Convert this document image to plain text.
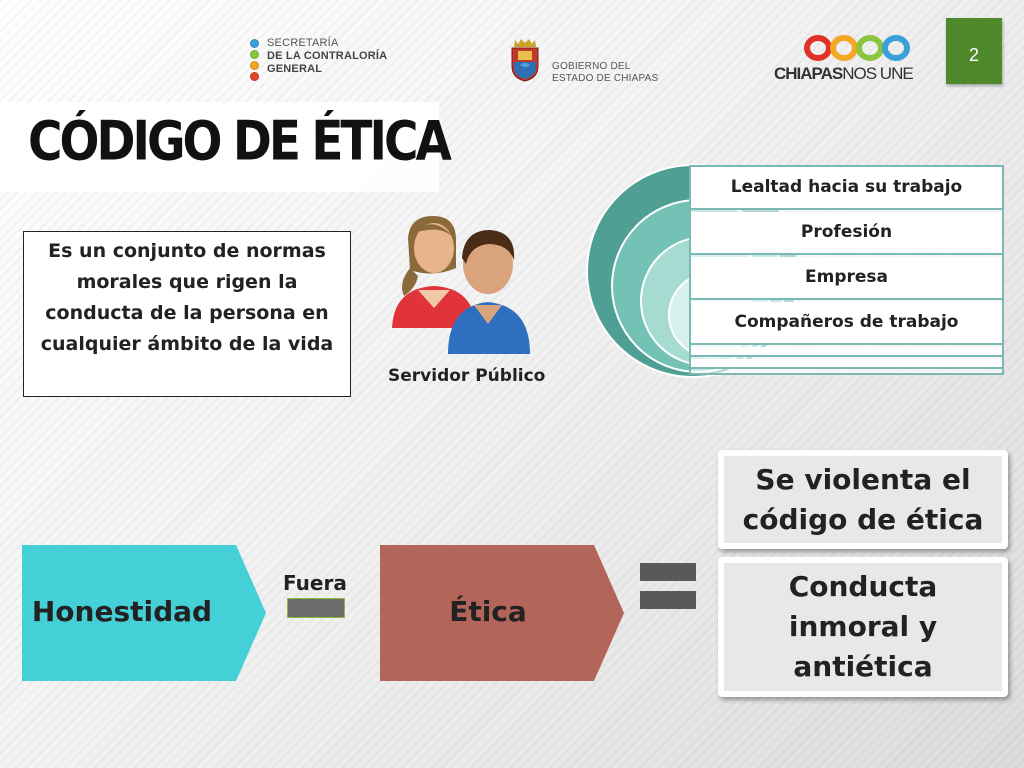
SECRETARÍA
DE LA CONTRALORÍA
GENERAL	GOBIERNO DEL
ESTADO DE CHIAPAS	CHIAPASNOS UNE
2
CÓDIGO DE ÉTICA
Es un conjunto de normas morales que rigen la conducta de la persona en cualquier ámbito de la vida
Servidor Público
Lealtad hacia su trabajo
Profesión
Empresa
Compañeros de trabajo
Honestidad
Fuera
Ética
Se violenta el código de ética
Conducta inmoral y antiética
